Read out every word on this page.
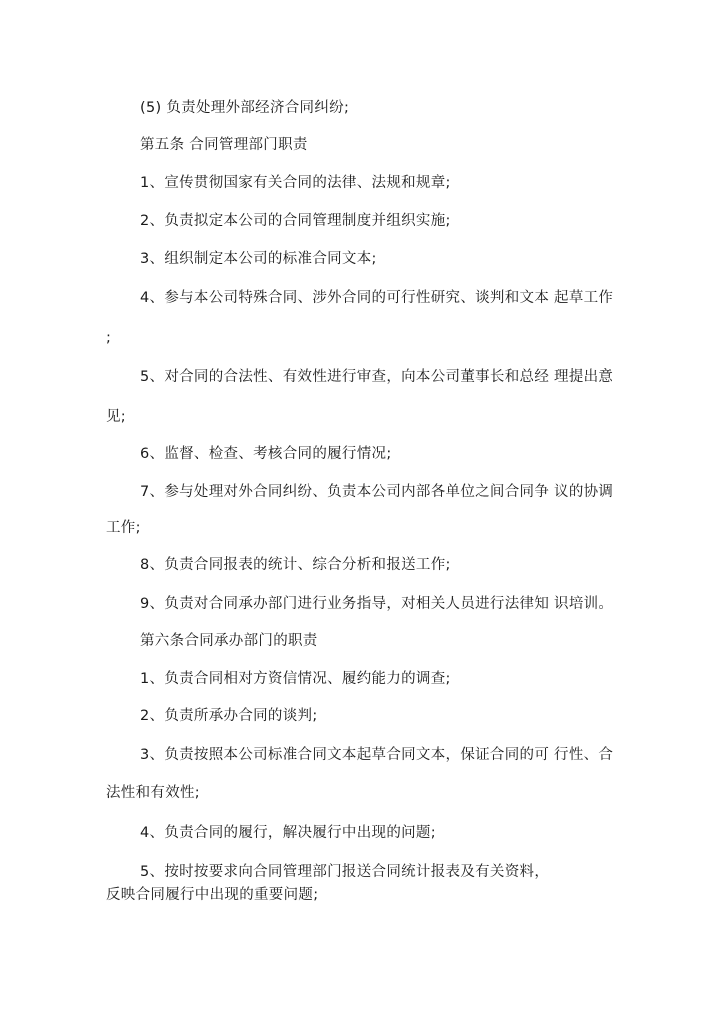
(5) 负责处理外部经济合同纠纷;
第五条 合同管理部门职责
1、宣传贯彻国家有关合同的法律、法规和规章;
2、负责拟定本公司的合同管理制度并组织实施;
3、组织制定本公司的标准合同文本;
4、参与本公司特殊合同、涉外合同的可行性研究、谈判和文本 起草工作
;
5、对合同的合法性、有效性进行审查，向本公司董事长和总经 理提出意
见;
6、监督、检查、考核合同的履行情况;
7、参与处理对外合同纠纷、负责本公司内部各单位之间合同争 议的协调
工作;
8、负责合同报表的统计、综合分析和报送工作;
9、负责对合同承办部门进行业务指导，对相关人员进行法律知 识培训。
第六条合同承办部门的职责
1、负责合同相对方资信情况、履约能力的调查;
2、负责所承办合同的谈判;
3、负责按照本公司标准合同文本起草合同文本，保证合同的可 行性、合
法性和有效性;
4、负责合同的履行，解决履行中出现的问题;
5、按时按要求向合同管理部门报送合同统计报表及有关资料，
反映合同履行中出现的重要问题;
